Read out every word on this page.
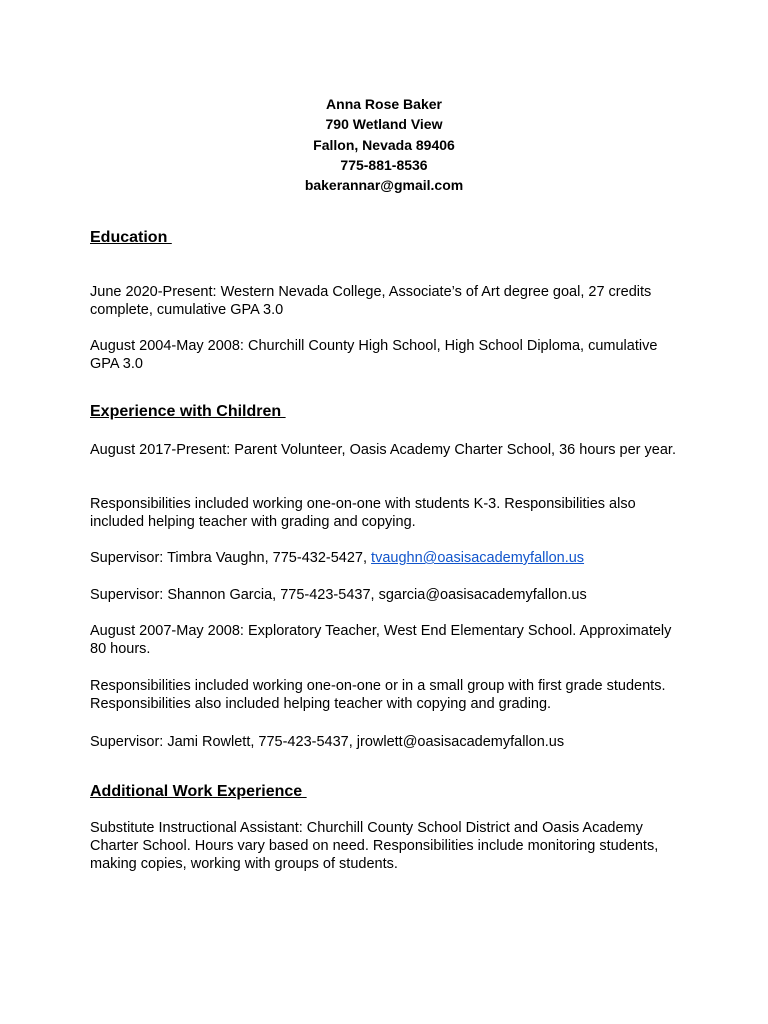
Anna Rose Baker
790 Wetland View
Fallon, Nevada 89406
775-881-8536
bakerannar@gmail.com
Education

June 2020-Present: Western Nevada College, Associate’s of Art degree goal, 27 credits complete, cumulative GPA 3.0

August 2004-May 2008: Churchill County High School, High School Diploma, cumulative GPA 3.0

Experience with Children

August 2017-Present: Parent Volunteer, Oasis Academy Charter School, 36 hours per year.

Responsibilities included working one-on-one with students K-3. Responsibilities also included helping teacher with grading and copying.

Supervisor: Timbra Vaughn, 775-432-5427, tvaughn@oasisacademyfallon.us

Supervisor: Shannon Garcia, 775-423-5437, sgarcia@oasisacademyfallon.us

August 2007-May 2008: Exploratory Teacher, West End Elementary School. Approximately 80 hours.

Responsibilities included working one-on-one or in a small group with first grade students. Responsibilities also included helping teacher with copying and grading.

Supervisor: Jami Rowlett, 775-423-5437, jrowlett@oasisacademyfallon.us

Additional Work Experience

Substitute Instructional Assistant: Churchill County School District and Oasis Academy Charter School. Hours vary based on need. Responsibilities include monitoring students, making copies, working with groups of students.
